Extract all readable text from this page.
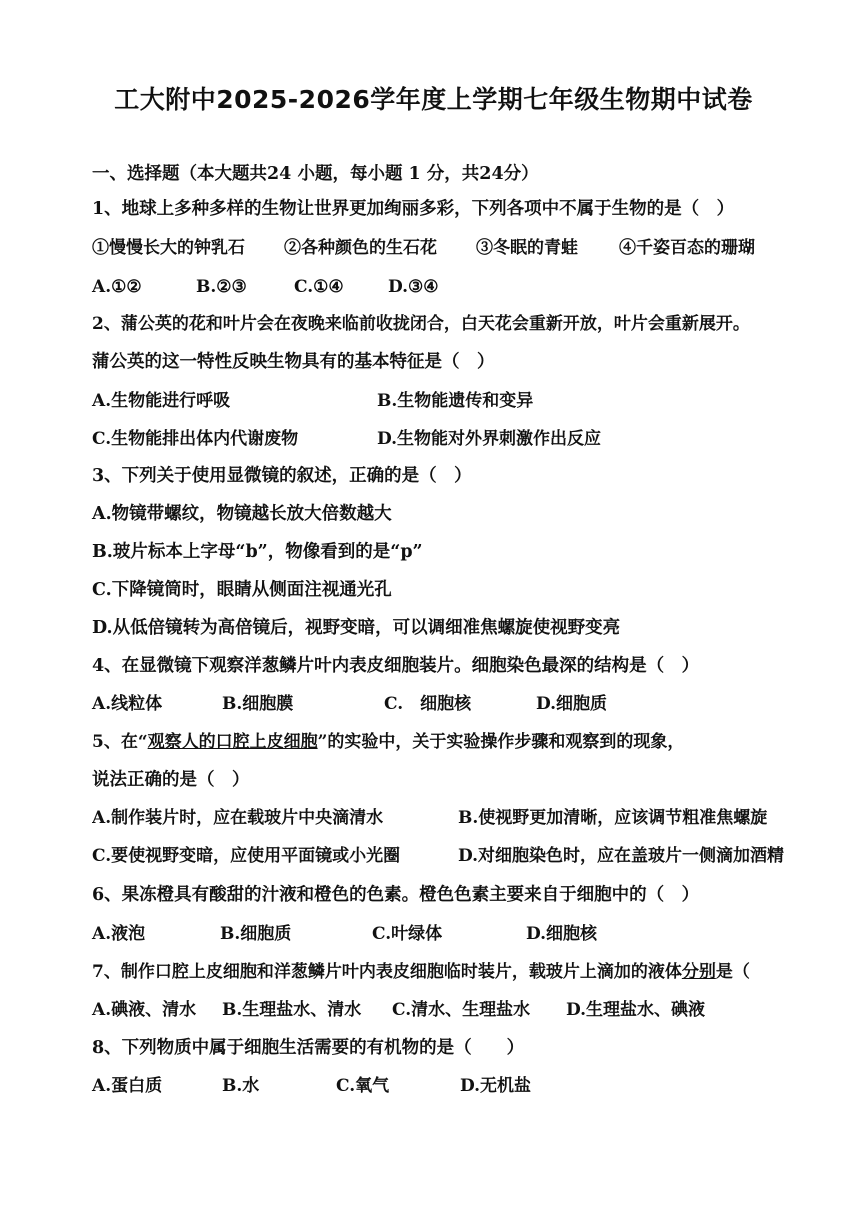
工大附中2025-2026学年度上学期七年级生物期中试卷
一、选择题（本大题共24 小题，每小题 1 分，共24分）
1、地球上多种多样的生物让世界更加绚丽多彩，下列各项中不属于生物的是（　）
①慢慢长大的钟乳石 ②各种颜色的生石花 ③冬眠的青蛙 ④千姿百态的珊瑚
A.①②	B.②③	C.①④	D.③④
2、蒲公英的花和叶片会在夜晚来临前收拢闭合，白天花会重新开放，叶片会重新展开。
蒲公英的这一特性反映生物具有的基本特征是（　）
A.生物能进行呼吸	B.生物能遗传和变异
C.生物能排出体内代谢废物	D.生物能对外界刺激作出反应
3、下列关于使用显微镜的叙述，正确的是（　）
A.物镜带螺纹，物镜越长放大倍数越大
B.玻片标本上字母“b”，物像看到的是“p”
C.下降镜筒时，眼睛从侧面注视通光孔
D.从低倍镜转为高倍镜后，视野变暗，可以调细准焦螺旋使视野变亮
4、在显微镜下观察洋葱鳞片叶内表皮细胞装片。细胞染色最深的结构是（　）
A.线粒体	B.细胞膜	C.　细胞核	D.细胞质
5、在“观察人的口腔上皮细胞”的实验中，关于实验操作步骤和观察到的现象，
说法正确的是（　）
A.制作装片时，应在载玻片中央滴清水	B.使视野更加清晰，应该调节粗准焦螺旋
C.要使视野变暗，应使用平面镜或小光圈	D.对细胞染色时，应在盖玻片一侧滴加酒精
6、果冻橙具有酸甜的汁液和橙色的色素。橙色色素主要来自于细胞中的（　）
A.液泡	B.细胞质	C.叶绿体	D.细胞核
7、制作口腔上皮细胞和洋葱鳞片叶内表皮细胞临时装片，载玻片上滴加的液体分别是（
A.碘液、清水 B.生理盐水、清水 C.清水、生理盐水 D.生理盐水、碘液
8、下列物质中属于细胞生活需要的有机物的是（　　）
A.蛋白质	B.水	C.氧气	D.无机盐
